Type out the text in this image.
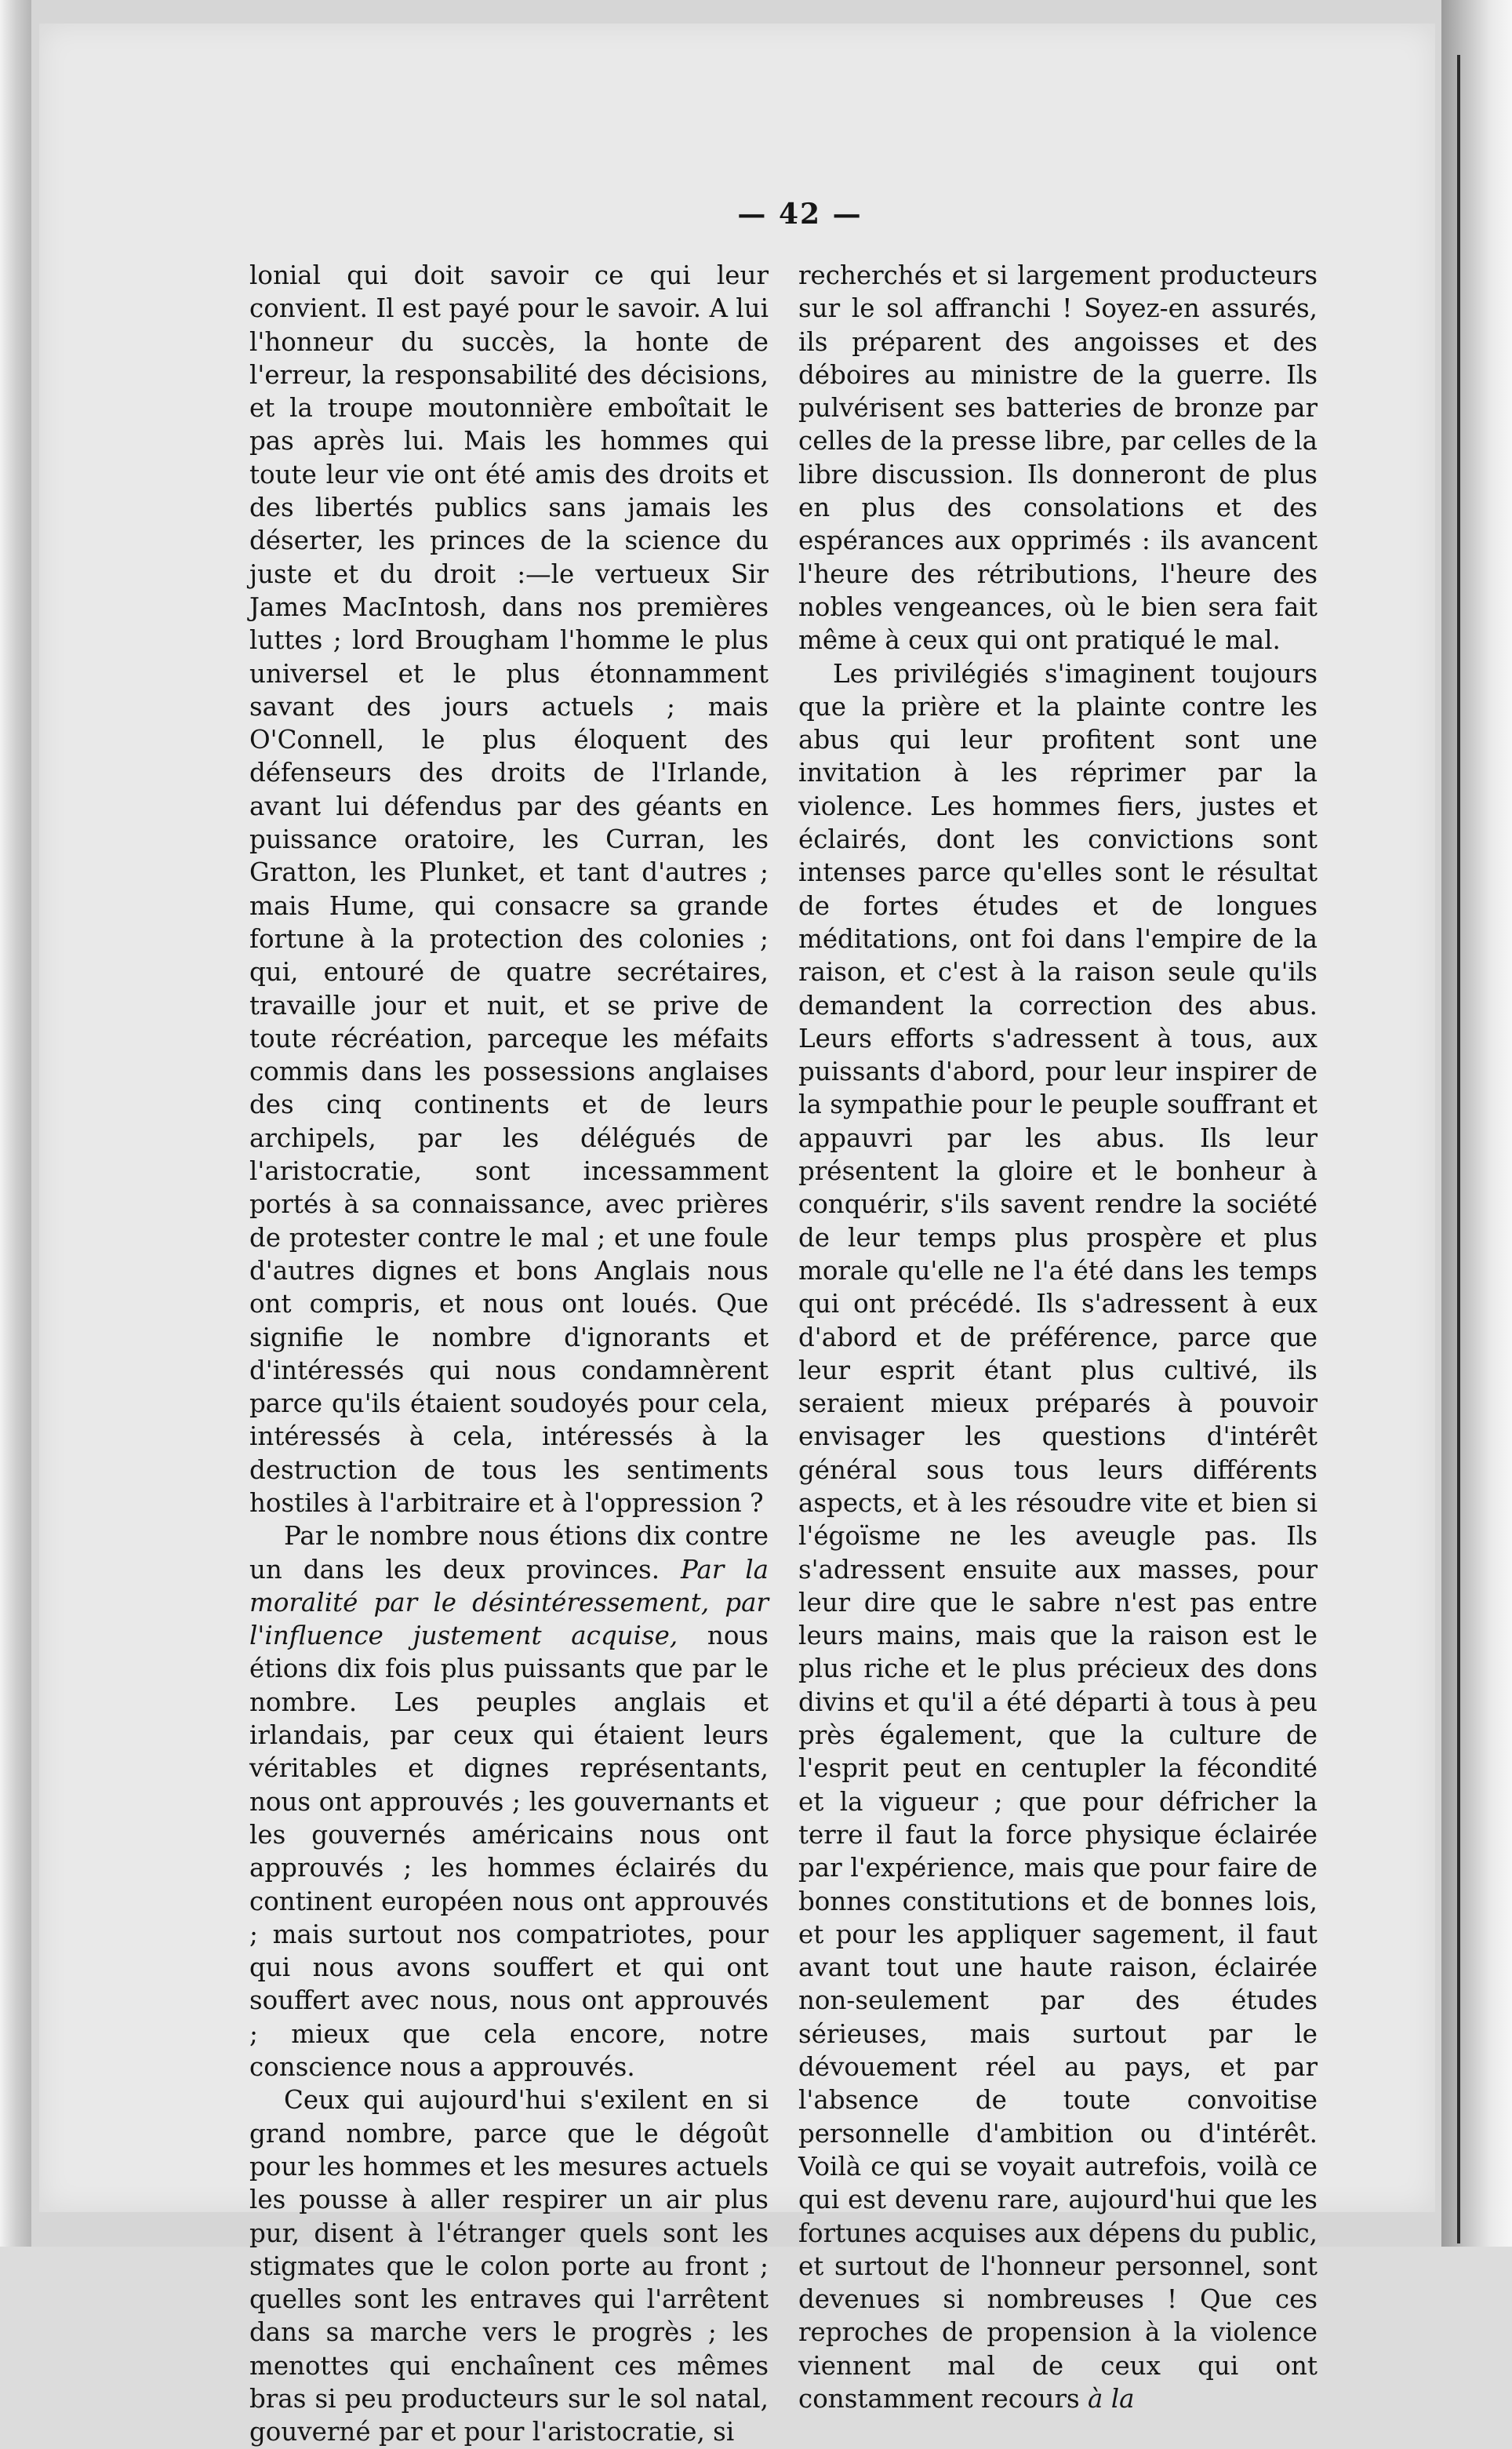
— 42 —

lonial qui doit savoir ce qui leur convient. Il est payé pour le savoir. A lui l'honneur du succès, la honte de l'erreur, la responsabilité des décisions, et la troupe moutonnière emboîtait le pas après lui. Mais les hommes qui toute leur vie ont été amis des droits et des libertés publics sans jamais les déserter, les princes de la science du juste et du droit :—le vertueux Sir James MacIntosh, dans nos premières luttes ; lord Brougham l'homme le plus universel et le plus étonnamment savant des jours actuels ; mais O'Connell, le plus éloquent des défenseurs des droits de l'Irlande, avant lui défendus par des géants en puissance oratoire, les Curran, les Gratton, les Plunket, et tant d'autres ; mais Hume, qui consacre sa grande fortune à la protection des colonies ; qui, entouré de quatre secrétaires, travaille jour et nuit, et se prive de toute récréation, parceque les méfaits commis dans les possessions anglaises des cinq continents et de leurs archipels, par les délégués de l'aristocratie, sont incessamment portés à sa connaissance, avec prières de protester contre le mal ; et une foule d'autres dignes et bons Anglais nous ont compris, et nous ont loués. Que signifie le nombre d'ignorants et d'intéressés qui nous condamnèrent parce qu'ils étaient soudoyés pour cela, intéressés à cela, intéressés à la destruction de tous les sentiments hostiles à l'arbitraire et à l'oppression ?

Par le nombre nous étions dix contre un dans les deux provinces. Par la moralité par le désintéressement, par l'influence justement acquise, nous étions dix fois plus puissants que par le nombre. Les peuples anglais et irlandais, par ceux qui étaient leurs véritables et dignes représentants, nous ont approuvés ; les gouvernants et les gouvernés américains nous ont approuvés ; les hommes éclairés du continent européen nous ont approuvés ; mais surtout nos compatriotes, pour qui nous avons souffert et qui ont souffert avec nous, nous ont approuvés ; mieux que cela encore, notre conscience nous a approuvés.

Ceux qui aujourd'hui s'exilent en si grand nombre, parce que le dégoût pour les hommes et les mesures actuels les pousse à aller respirer un air plus pur, disent à l'étranger quels sont les stigmates que le colon porte au front ; quelles sont les entraves qui l'arrêtent dans sa marche vers le progrès ; les menottes qui enchaînent ces mêmes bras si peu producteurs sur le sol natal, gouverné par et pour l'aristocratie, si

recherchés et si largement producteurs sur le sol affranchi ! Soyez-en assurés, ils préparent des angoisses et des déboires au ministre de la guerre. Ils pulvérisent ses batteries de bronze par celles de la presse libre, par celles de la libre discussion. Ils donneront de plus en plus des consolations et des espérances aux opprimés : ils avancent l'heure des rétributions, l'heure des nobles vengeances, où le bien sera fait même à ceux qui ont pratiqué le mal.

Les privilégiés s'imaginent toujours que la prière et la plainte contre les abus qui leur profitent sont une invitation à les réprimer par la violence. Les hommes fiers, justes et éclairés, dont les convictions sont intenses parce qu'elles sont le résultat de fortes études et de longues méditations, ont foi dans l'empire de la raison, et c'est à la raison seule qu'ils demandent la correction des abus. Leurs efforts s'adressent à tous, aux puissants d'abord, pour leur inspirer de la sympathie pour le peuple souffrant et appauvri par les abus. Ils leur présentent la gloire et le bonheur à conquérir, s'ils savent rendre la société de leur temps plus prospère et plus morale qu'elle ne l'a été dans les temps qui ont précédé. Ils s'adressent à eux d'abord et de préférence, parce que leur esprit étant plus cultivé, ils seraient mieux préparés à pouvoir envisager les questions d'intérêt général sous tous leurs différents aspects, et à les résoudre vite et bien si l'égoïsme ne les aveugle pas. Ils s'adressent ensuite aux masses, pour leur dire que le sabre n'est pas entre leurs mains, mais que la raison est le plus riche et le plus précieux des dons divins et qu'il a été départi à tous à peu près également, que la culture de l'esprit peut en centupler la fécondité et la vigueur ; que pour défricher la terre il faut la force physique éclairée par l'expérience, mais que pour faire de bonnes constitutions et de bonnes lois, et pour les appliquer sagement, il faut avant tout une haute raison, éclairée non-seulement par des études sérieuses, mais surtout par le dévouement réel au pays, et par l'absence de toute convoitise personnelle d'ambition ou d'intérêt. Voilà ce qui se voyait autrefois, voilà ce qui est devenu rare, aujourd'hui que les fortunes acquises aux dépens du public, et surtout de l'honneur personnel, sont devenues si nombreuses ! Que ces reproches de propension à la violence viennent mal de ceux qui ont constamment recours à la
